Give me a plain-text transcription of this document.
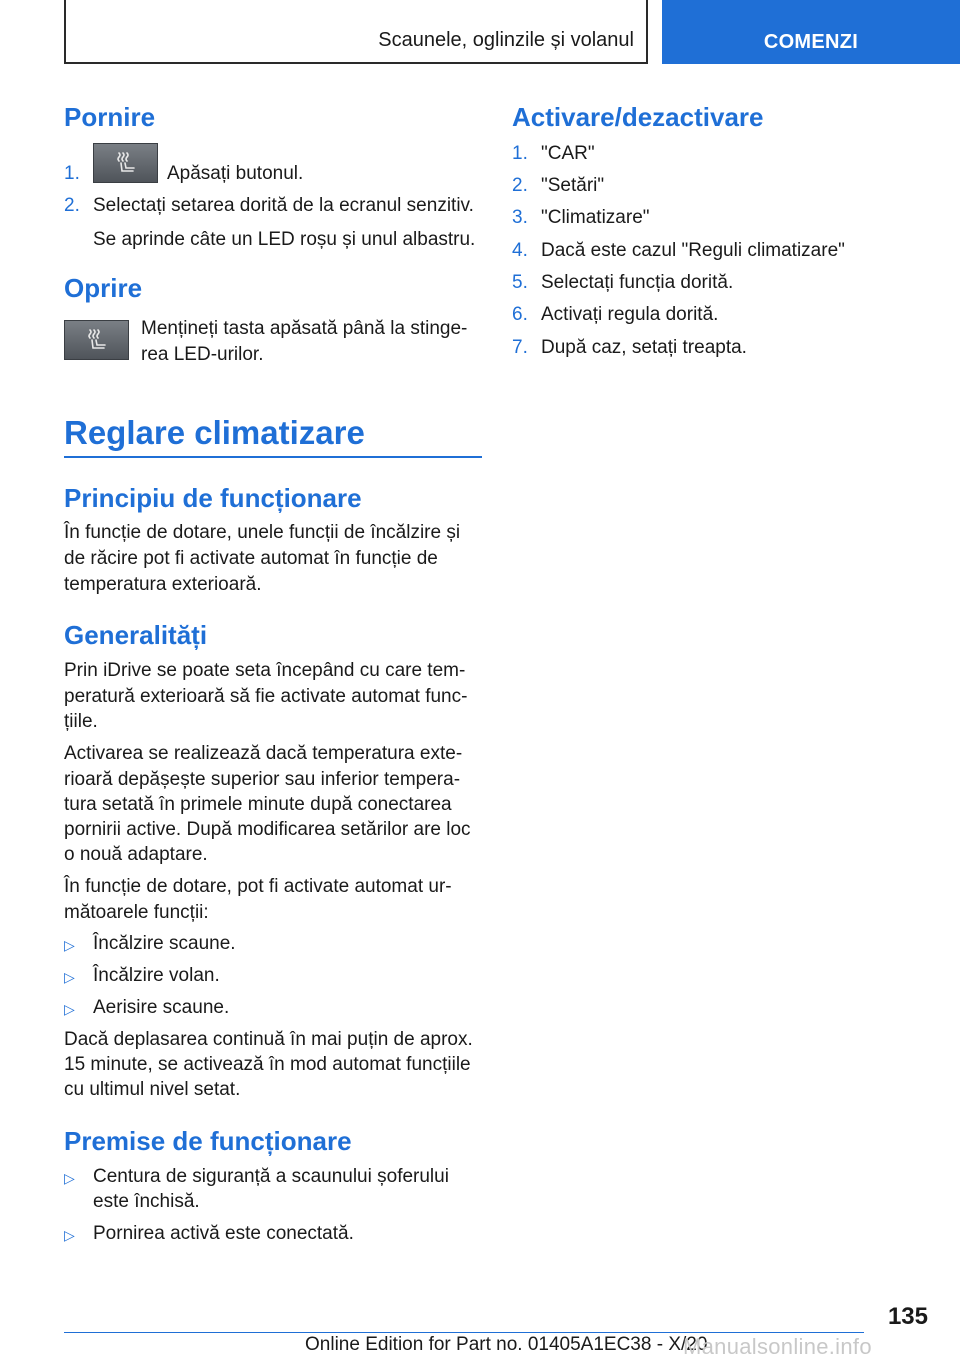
Scaunele, oglinzile și volanul	COMENZI
Pornire
1.	Apăsați butonul.
2. Selectați setarea dorită de la ecranul senzitiv.
Se aprinde câte un LED roșu și unul albastru.
Oprire
Mențineți tasta apăsată până la stinge-
rea LED-urilor.
Reglare climatizare
Principiu de funcționare
În funcție de dotare, unele funcții de încălzire și
de răcire pot fi activate automat în funcție de
temperatura exterioară.
Generalități
Prin iDrive se poate seta începând cu care tem-
peratură exterioară să fie activate automat func-
țiile.
Activarea se realizează dacă temperatura exte-
rioară depășește superior sau inferior tempera-
tura setată în primele minute după conectarea
pornirii active. După modificarea setărilor are loc
o nouă adaptare.
În funcție de dotare, pot fi activate automat ur-
mătoarele funcții:
▷ Încălzire scaune.
▷ Încălzire volan.
▷ Aerisire scaune.
Dacă deplasarea continuă în mai puțin de aprox.
15 minute, se activează în mod automat funcțiile
cu ultimul nivel setat.
Premise de funcționare
▷ Centura de siguranță a scaunului șoferului
este închisă.
▷ Pornirea activă este conectată.
Activare/dezactivare
1. "CAR"
2. "Setări"
3. "Climatizare"
4. Dacă este cazul "Reguli climatizare"
5. Selectați funcția dorită.
6. Activați regula dorită.
7. După caz, setați treapta.
135
Online Edition for Part no. 01405A1EC38 - X/20
Manualsonline.info
